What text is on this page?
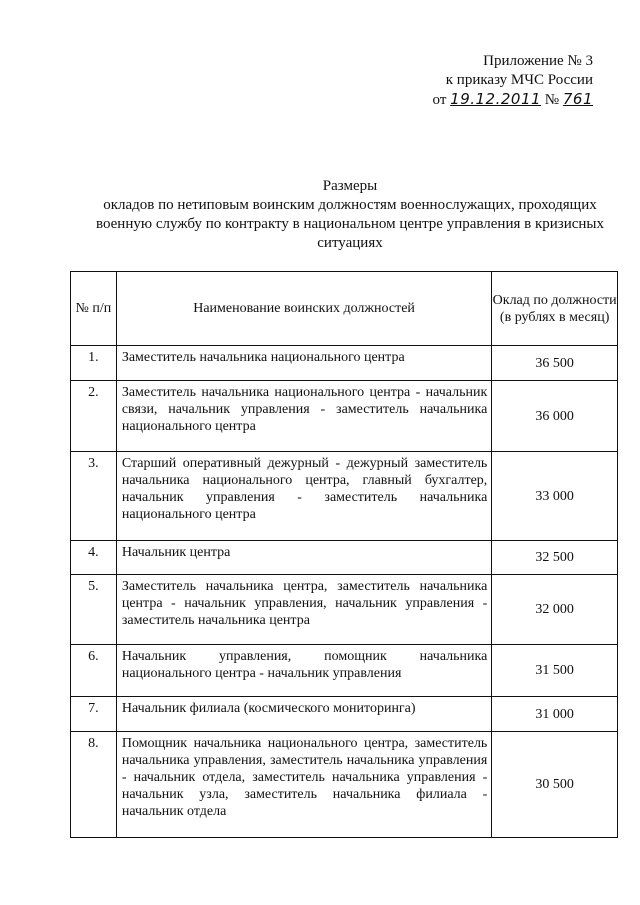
Приложение № 3
к приказу МЧС России
от 19.12.2011 № 761
Размеры
окладов по нетиповым воинским должностям военнослужащих, проходящих
военную службу по контракту в национальном центре управления в кризисных
ситуациях
№ п/п	Наименование воинских должностей	Оклад по должности (в рублях в месяц)
1.	Заместитель начальника национального центра	36 500
2.	Заместитель начальника национального центра - начальник связи, начальник управления - заместитель начальника национального центра	36 000
3.	Старший оперативный дежурный - дежурный заместитель начальника национального центра, главный бухгалтер, начальник управления - заместитель начальника национального центра	33 000
4.	Начальник центра	32 500
5.	Заместитель начальника центра, заместитель начальника центра - начальник управления, начальник управления - заместитель начальника центра	32 000
6.	Начальник управления, помощник начальника национального центра - начальник управления	31 500
7.	Начальник филиала (космического мониторинга)	31 000
8.	Помощник начальника национального центра, заместитель начальника управления, заместитель начальника управления - начальник отдела, заместитель начальника управления - начальник узла, заместитель начальника филиала - начальник отдела	30 500
